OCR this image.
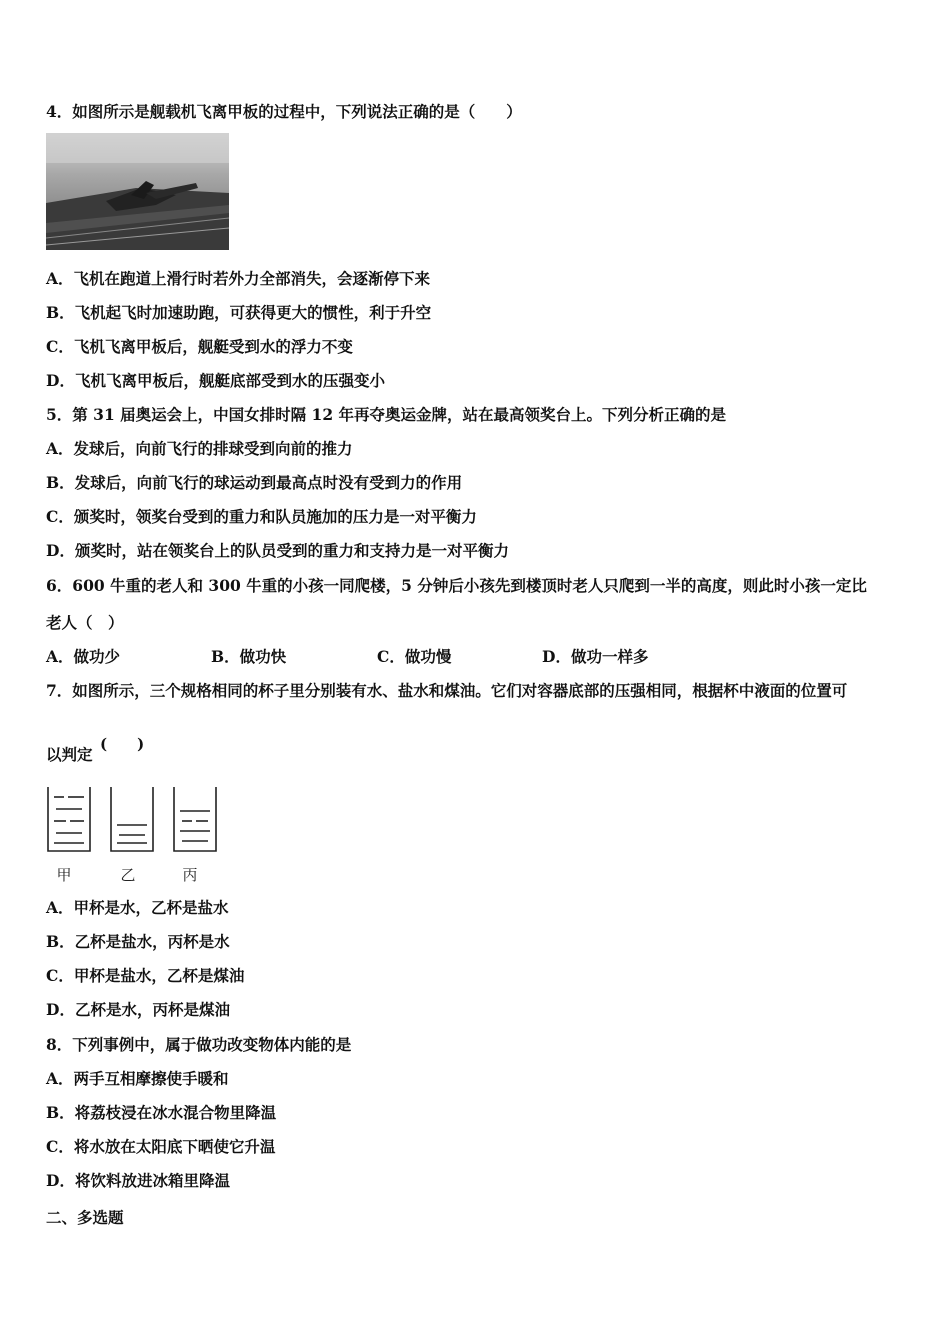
4．如图所示是舰载机飞离甲板的过程中，下列说法正确的是（　　）
A．飞机在跑道上滑行时若外力全部消失，会逐渐停下来
B．飞机起飞时加速助跑，可获得更大的惯性，利于升空
C．飞机飞离甲板后，舰艇受到水的浮力不变
D．飞机飞离甲板后，舰艇底部受到水的压强变小
5．第 31 届奥运会上，中国女排时隔 12 年再夺奥运金牌，站在最高领奖台上。下列分析正确的是
A．发球后，向前飞行的排球受到向前的推力
B．发球后，向前飞行的球运动到最高点时没有受到力的作用
C．颁奖时，领奖台受到的重力和队员施加的压力是一对平衡力
D．颁奖时，站在领奖台上的队员受到的重力和支持力是一对平衡力
6．600 牛重的老人和 300 牛重的小孩一同爬楼，5 分钟后小孩先到楼顶时老人只爬到一半的高度，则此时小孩一定比
老人（　）
A．做功少	B．做功快	C．做功慢	D．做功一样多
7．如图所示，三个规格相同的杯子里分别装有水、盐水和煤油。它们对容器底部的压强相同，根据杯中液面的位置可
以判定
(　　)
甲	乙	丙
A．甲杯是水，乙杯是盐水
B．乙杯是盐水，丙杯是水
C．甲杯是盐水，乙杯是煤油
D．乙杯是水，丙杯是煤油
8．下列事例中，属于做功改变物体内能的是
A．两手互相摩擦使手暖和
B．将荔枝浸在冰水混合物里降温
C．将水放在太阳底下晒使它升温
D．将饮料放进冰箱里降温
二、多选题
